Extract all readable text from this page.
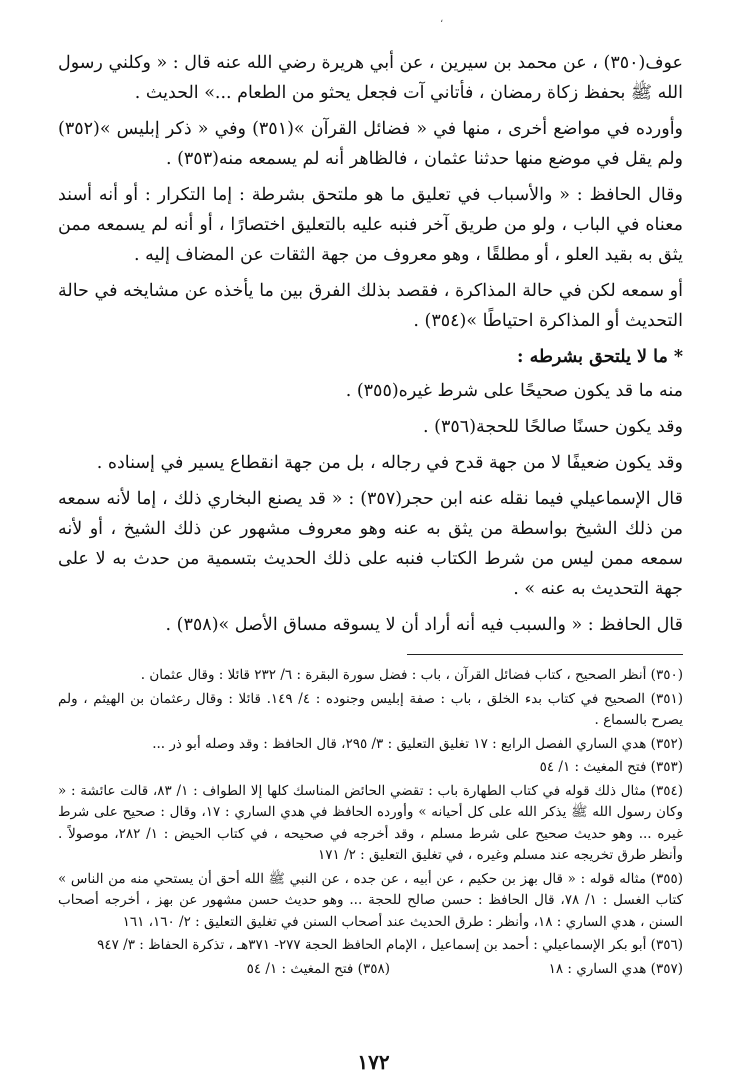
،

عوف(٣٥٠) ، عن محمد بن سيرين ، عن أبي هريرة رضي الله عنه قال : « وكلني رسول الله ﷺ بحفظ زكاة رمضان ، فأتاني آت فجعل يحثو من الطعام ...» الحديث .

وأورده في مواضع أخرى ، منها في « فضائل القرآن »(٣٥١) وفي « ذكر إبليس »(٣٥٢) ولم يقل في موضع منها حدثنا عثمان ، فالظاهر أنه لم يسمعه منه(٣٥٣) .

وقال الحافظ : « والأسباب في تعليق ما هو ملتحق بشرطة : إما التكرار : أو أنه أسند معناه في الباب ، ولو من طريق آخر فنبه عليه بالتعليق اختصارًا ، أو أنه لم يسمعه ممن يثق به بقيد العلو ، أو مطلقًا ، وهو معروف من جهة الثقات عن المضاف إليه .

أو سمعه لكن في حالة المذاكرة ، فقصد بذلك الفرق بين ما يأخذه عن مشايخه في حالة التحديث أو المذاكرة احتياطًا »(٣٥٤) .

*ما لا يلتحق بشرطه :

منه ما قد يكون صحيحًا على شرط غيره(٣٥٥) .

وقد يكون حسنًا صالحًا للحجة(٣٥٦) .

وقد يكون ضعيفًا لا من جهة قدح في رجاله ، بل من جهة انقطاع يسير في إسناده .

قال الإسماعيلي فيما نقله عنه ابن حجر(٣٥٧) : « قد يصنع البخاري ذلك ، إما لأنه سمعه من ذلك الشيخ بواسطة من يثق به عنه وهو معروف مشهور عن ذلك الشيخ ، أو لأنه سمعه ممن ليس من شرط الكتاب فنبه على ذلك الحديث بتسمية من حدث به لا على جهة التحديث به عنه » .

قال الحافظ : « والسبب فيه أنه أراد أن لا يسوقه مساق الأصل »(٣٥٨) .

(٣٥٠) أنظر الصحيح ، كتاب فضائل القرآن ، باب : فضل سورة البقرة : ٦/ ٢٣٢ قائلا : وقال عثمان .

(٣٥١) الصحيح في كتاب بدء الخلق ، باب : صفة إبليس وجنوده : ٤/ ١٤٩. قائلا : وقال رعثمان بن الهيثم ، ولم يصرح بالسماع .

(٣٥٢) هدي الساري الفصل الرابع : ١٧ تغليق التعليق : ٣/ ٢٩٥، قال الحافظ : وقد وصله أبو ذر ...

(٣٥٣) فتح المغيث : ١/ ٥٤

(٣٥٤) مثال ذلك قوله في كتاب الطهارة باب : تقضي الحائض المناسك كلها إلا الطواف : ١/ ٨٣، قالت عائشة : « وكان رسول الله ﷺ يذكر الله على كل أحيانه » وأورده الحافظ في هدي الساري : ١٧، وقال : صحيح على شرط غيره ... وهو حديث صحيح على شرط مسلم ، وقد أخرجه في صحيحه ، في كتاب الحيض : ١/ ٢٨٢، موصولاً . وأنظر طرق تخريجه عند مسلم وغيره ، في تغليق التعليق : ٢/ ١٧١

(٣٥٥) مثاله قوله : « قال بهز بن حكيم ، عن أبيه ، عن جده ، عن النبي ﷺ الله أحق أن يستحي منه من الناس » كتاب الغسل : ١/ ٧٨، قال الحافظ : حسن صالح للحجة ... وهو حديث حسن مشهور عن بهز ، أخرجه أصحاب السنن ، هدي الساري : ١٨، وأنظر : طرق الحديث عند أصحاب السنن في تغليق التعليق : ٢/ ١٦٠، ١٦١

(٣٥٦) أبو بكر الإسماعيلي : أحمد بن إسماعيل ، الإمام الحافظ الحجة ٢٧٧- ٣٧١هـ ، تذكرة الحفاظ : ٣/ ٩٤٧

(٣٥٧) هدي الساري : ١٨  (٣٥٨) فتح المغيث : ١/ ٥٤

١٧٢
